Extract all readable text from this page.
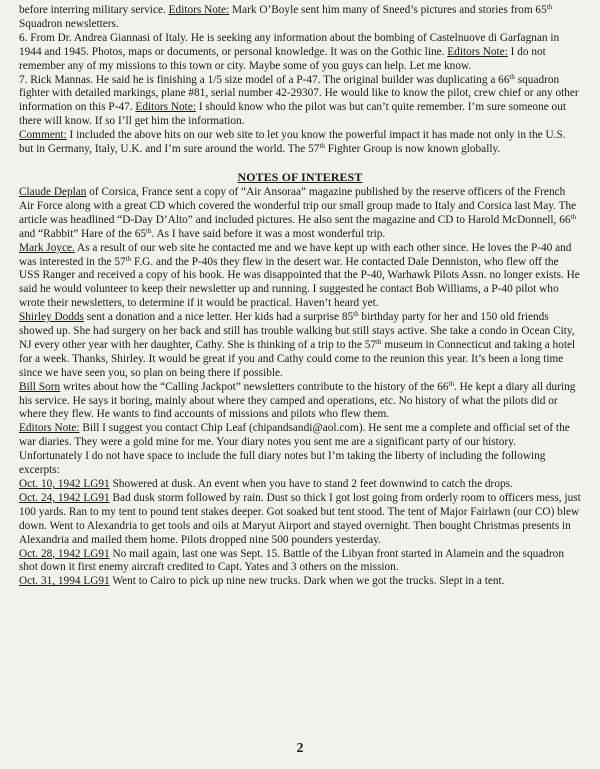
before interring military service. Editors Note: Mark O’Boyle sent him many of Sneed’s pictures and stories from 65th Squadron newsletters.

6. From Dr. Andrea Giannasi of Italy. He is seeking any information about the bombing of Castelnuove di Garfagnan in 1944 and 1945. Photos, maps or documents, or personal knowledge. It was on the Gothic line. Editors Note: I do not remember any of my missions to this town or city. Maybe some of you guys can help. Let me know.

7. Rick Mannas. He said he is finishing a 1/5 size model of a P-47. The original builder was duplicating a 66th squadron fighter with detailed markings, plane #81, serial number 42-29307. He would like to know the pilot, crew chief or any other information on this P-47. Editors Note: I should know who the pilot was but can’t quite remember. I’m sure someone out there will know. If so I’ll get him the information.

Comment: I included the above hits on our web site to let you know the powerful impact it has made not only in the U.S. but in Germany, Italy, U.K. and I’m sure around the world. The 57th Fighter Group is now known globally.

NOTES OF INTEREST

Claude Deplan of Corsica, France sent a copy of “Air Ansoraa” magazine published by the reserve officers of the French Air Force along with a great CD which covered the wonderful trip our small group made to Italy and Corsica last May. The article was headlined “D-Day D’Alto” and included pictures. He also sent the magazine and CD to Harold McDonnell, 66th and “Rabbit” Hare of the 65th. As I have said before it was a most wonderful trip.

Mark Joyce. As a result of our web site he contacted me and we have kept up with each other since. He loves the P-40 and was interested in the 57th F.G. and the P-40s they flew in the desert war. He contacted Dale Denniston, who flew off the USS Ranger and received a copy of his book. He was disappointed that the P-40, Warhawk Pilots Assn. no longer exists. He said he would volunteer to keep their newsletter up and running. I suggested he contact Bob Williams, a P-40 pilot who wrote their newsletters, to determine if it would be practical. Haven’t heard yet.

Shirley Dodds sent a donation and a nice letter. Her kids had a surprise 85th birthday party for her and 150 old friends showed up. She had surgery on her back and still has trouble walking but still stays active. She take a condo in Ocean City, NJ every other year with her daughter, Cathy. She is thinking of a trip to the 57th museum in Connecticut and taking a hotel for a week. Thanks, Shirley. It would be great if you and Cathy could come to the reunion this year. It’s been a long time since we have seen you, so plan on being there if possible.

Bill Sorn writes about how the “Calling Jackpot” newsletters contribute to the history of the 66th. He kept a diary all during his service. He says it boring, mainly about where they camped and operations, etc. No history of what the pilots did or where they flew. He wants to find accounts of missions and pilots who flew them.

Editors Note: Bill I suggest you contact Chip Leaf (chipandsandi@aol.com). He sent me a complete and official set of the war diaries. They were a gold mine for me. Your diary notes you sent me are a significant party of our history. Unfortunately I do not have space to include the full diary notes but I’m taking the liberty of including the following excerpts:

Oct. 10, 1942 LG91 Showered at dusk. An event when you have to stand 2 feet downwind to catch the drops.

Oct. 24, 1942 LG91 Bad dusk storm followed by rain. Dust so thick I got lost going from orderly room to officers mess, just 100 yards. Ran to my tent to pound tent stakes deeper. Got soaked but tent stood. The tent of Major Fairlawn (our CO) blew down. Went to Alexandria to get tools and oils at Maryut Airport and stayed overnight. Then bought Christmas presents in Alexandria and mailed them home. Pilots dropped nine 500 pounders yesterday.

Oct. 28, 1942 LG91 No mail again, last one was Sept. 15. Battle of the Libyan front started in Alamein and the squadron shot down it first enemy aircraft credited to Capt. Yates and 3 others on the mission.

Oct. 31, 1994 LG91 Went to Cairo to pick up nine new trucks. Dark when we got the trucks. Slept in a tent.

2
